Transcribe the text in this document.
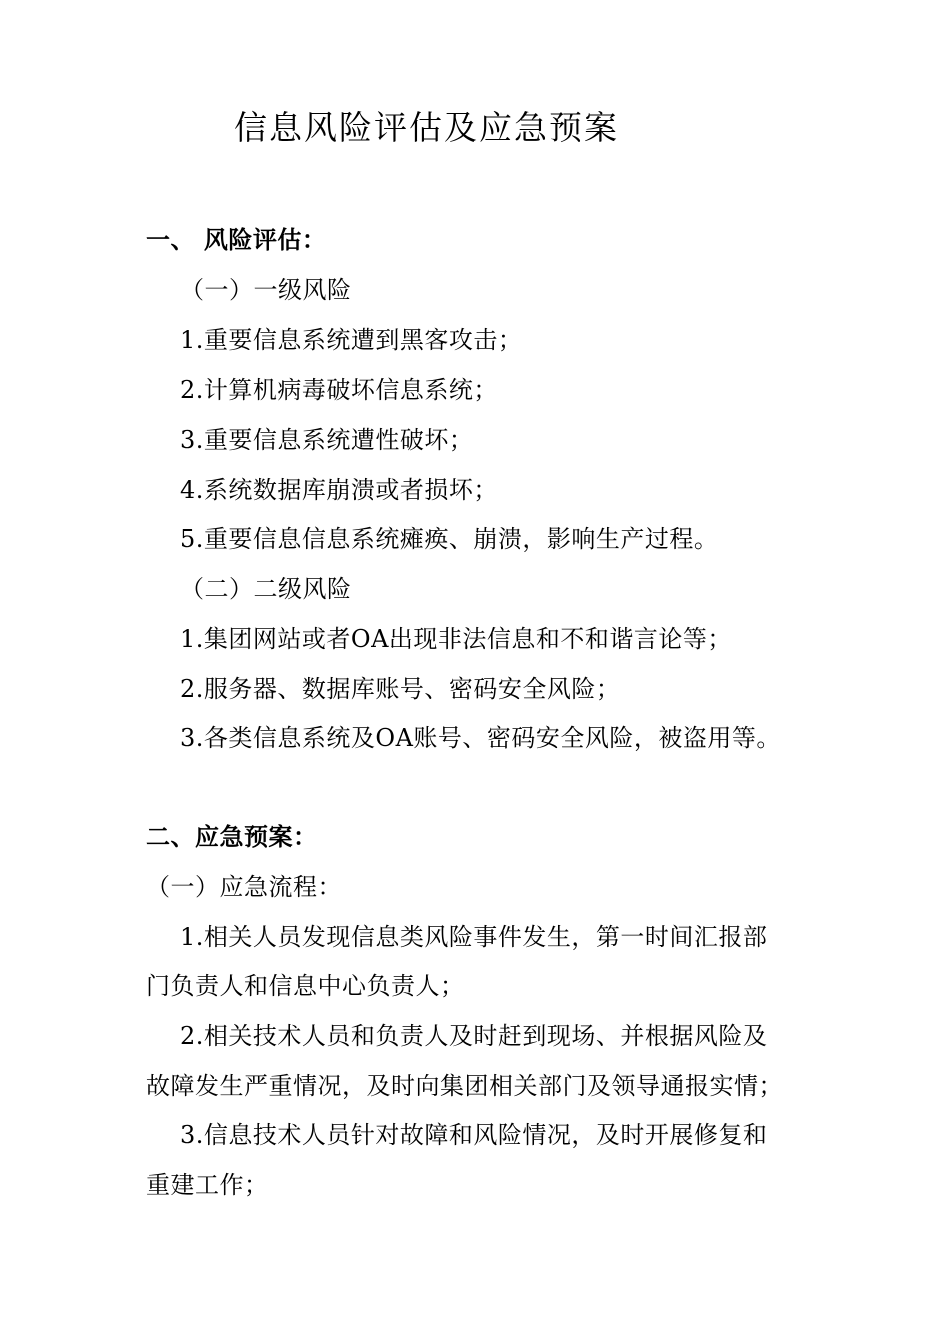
信息风险评估及应急预案
一、 风险评估：
（一）一级风险
1.重要信息系统遭到黑客攻击；
2.计算机病毒破坏信息系统；
3.重要信息系统遭性破坏；
4.系统数据库崩溃或者损坏；
5.重要信息信息系统瘫痪、崩溃，影响生产过程。
（二）二级风险
1.集团网站或者OA出现非法信息和不和谐言论等；
2.服务器、数据库账号、密码安全风险；
3.各类信息系统及OA账号、密码安全风险，被盗用等。
二、应急预案：
（一）应急流程：
1.相关人员发现信息类风险事件发生，第一时间汇报部
门负责人和信息中心负责人；
2.相关技术人员和负责人及时赶到现场、并根据风险及
故障发生严重情况，及时向集团相关部门及领导通报实情；
3.信息技术人员针对故障和风险情况，及时开展修复和
重建工作；
